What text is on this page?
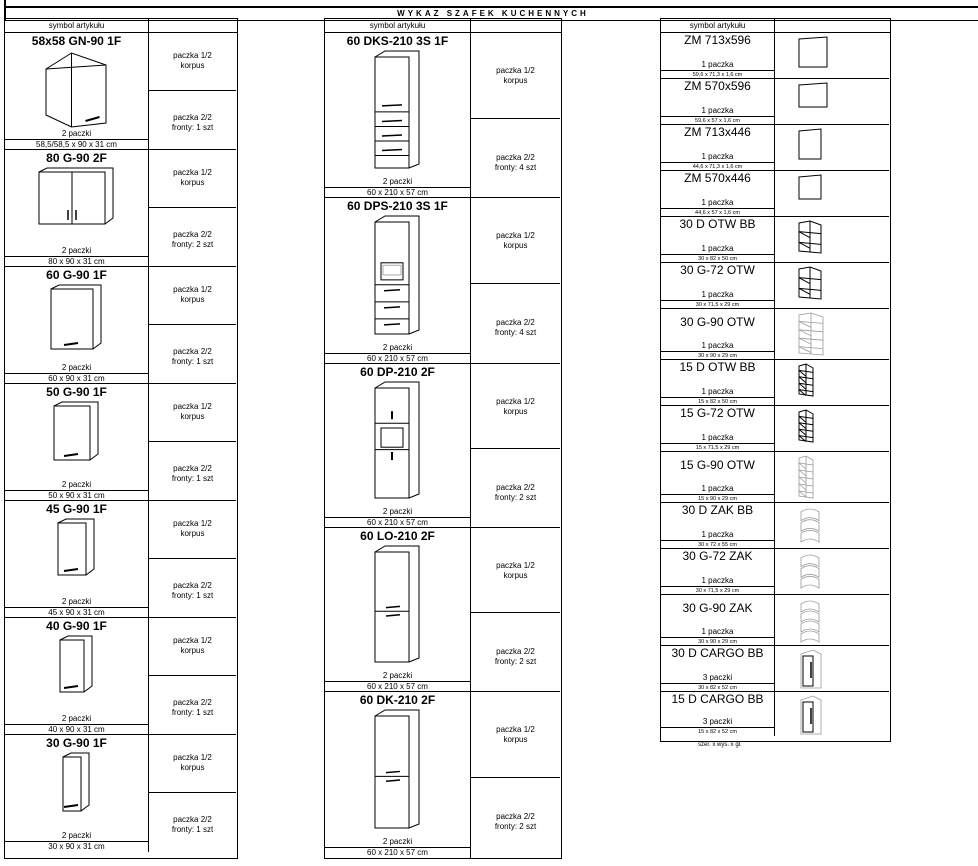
WYKAZ SZAFEK KUCHENNYCH
symbol artykułu
58x58 GN-90 1F
2 paczki
58,5/58,5 x 90 x 31 cm
paczka 1/2
korpus
paczka 2/2
fronty: 1 szt
80 G-90 2F
2 paczki
80 x 90 x 31 cm
paczka 1/2
korpus
paczka 2/2
fronty: 2 szt
60 G-90 1F
2 paczki
60 x 90 x 31 cm
paczka 1/2
korpus
paczka 2/2
fronty: 1 szt
50 G-90 1F
2 paczki
50 x 90 x 31 cm
paczka 1/2
korpus
paczka 2/2
fronty: 1 szt
45 G-90 1F
2 paczki
45 x 90 x 31 cm
paczka 1/2
korpus
paczka 2/2
fronty: 1 szt
40 G-90 1F
2 paczki
40 x 90 x 31 cm
paczka 1/2
korpus
paczka 2/2
fronty: 1 szt
30 G-90 1F
2 paczki
30 x 90 x 31 cm
paczka 1/2
korpus
paczka 2/2
fronty: 1 szt
symbol artykułu
60 DKS-210 3S 1F
2 paczki
60 x 210 x 57 cm
paczka 1/2
korpus
paczka 2/2
fronty: 4 szt
60 DPS-210 3S 1F
2 paczki
60 x 210 x 57 cm
paczka 1/2
korpus
paczka 2/2
fronty: 4 szt
60 DP-210 2F
2 paczki
60 x 210 x 57 cm
paczka 1/2
korpus
paczka 2/2
fronty: 2 szt
60 LO-210 2F
2 paczki
60 x 210 x 57 cm
paczka 1/2
korpus
paczka 2/2
fronty: 2 szt
60 DK-210 2F
2 paczki
60 x 210 x 57 cm
paczka 1/2
korpus
paczka 2/2
fronty: 2 szt
symbol artykułu
ZM 713x596
1 paczka
59,6 x 71,3 x 1,6 cm
ZM 570x596
1 paczka
59,6 x 57 x 1,6 cm
ZM 713x446
1 paczka
44,6 x 71,3 x 1,6 cm
ZM 570x446
1 paczka
44,6 x 57 x 1,6 cm
30 D OTW BB
1 paczka
30 x 82 x 50 cm
30 G-72 OTW
1 paczka
30 x 71,5 x 29 cm
30 G-90 OTW
1 paczka
30 x 90 x 29 cm
15 D OTW BB
1 paczka
15 x 82 x 50 cm
15 G-72 OTW
1 paczka
15 x 71,5 x 29 cm
15 G-90 OTW
1 paczka
15 x 90 x 29 cm
30 D ZAK BB
1 paczka
30 x 72 x 55 cm
30 G-72 ZAK
1 paczka
30 x 71,5 x 29 cm
30 G-90 ZAK
1 paczka
30 x 90 x 29 cm
30 D CARGO BB
3 paczki
30 x 82 x 52 cm
15 D CARGO BB
3 paczki
15 x 82 x 52 cm
szer. x wys. x gł.
